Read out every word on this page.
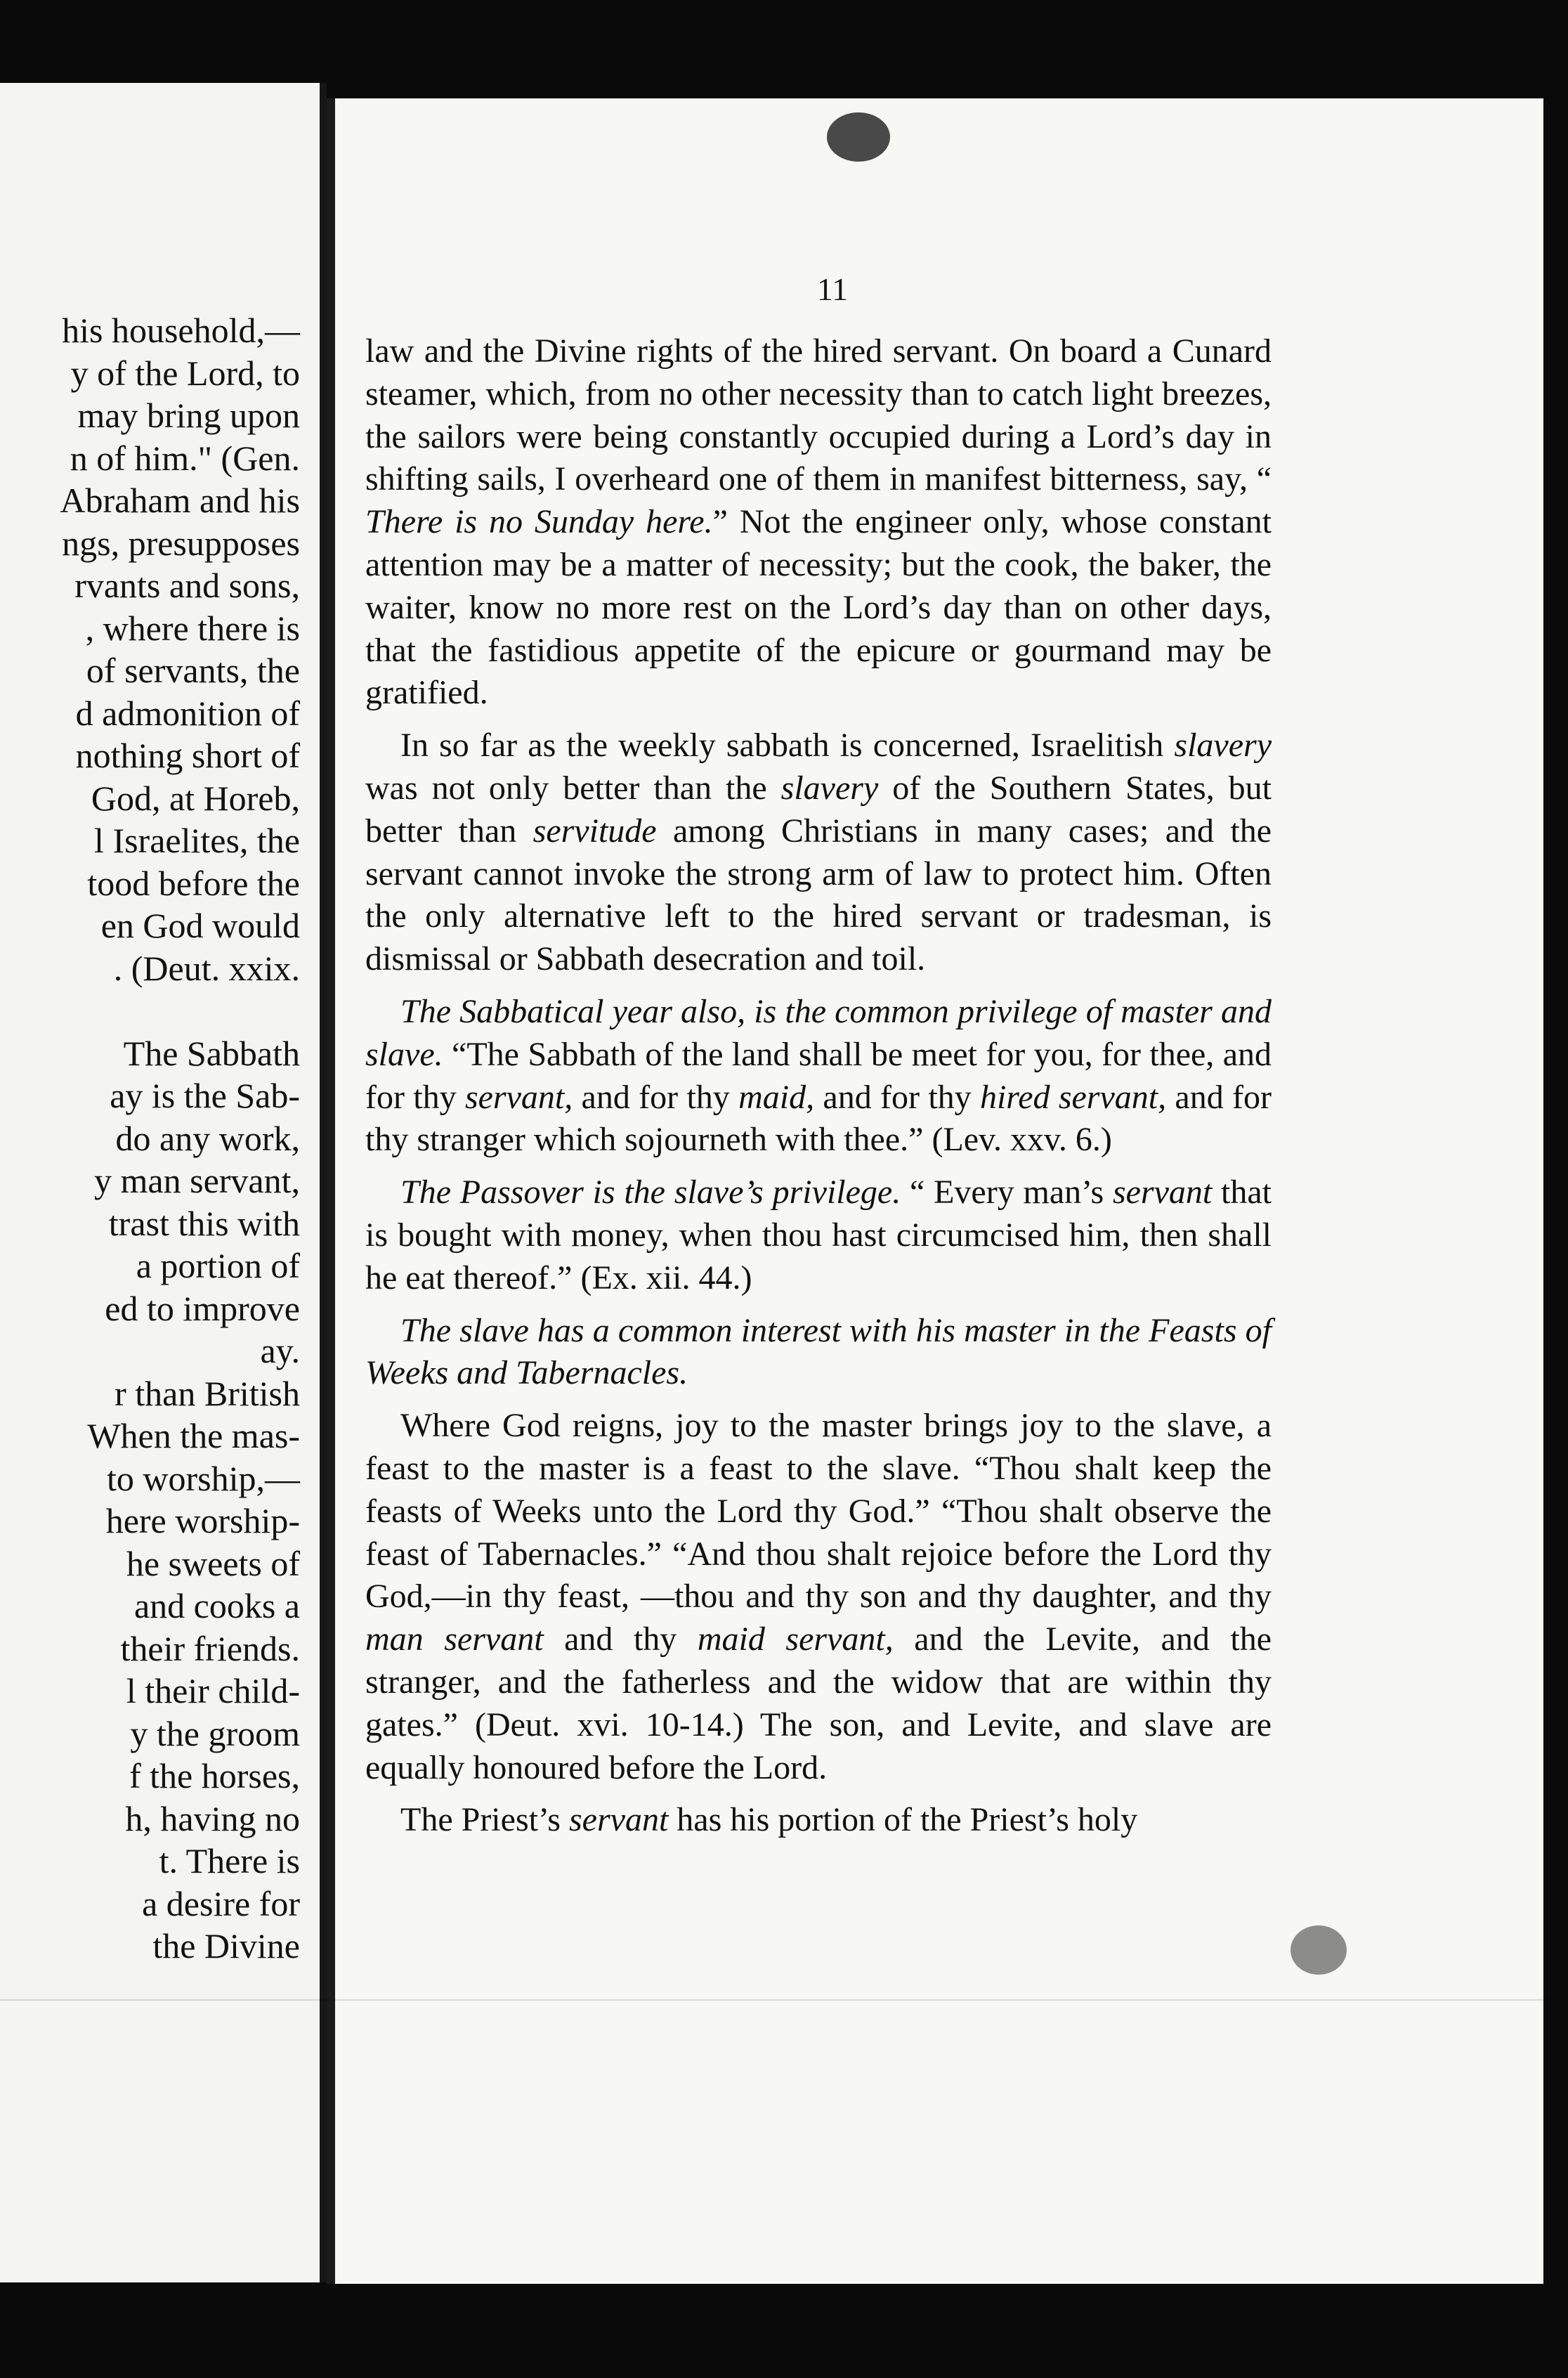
his household,—
y of the Lord, to
may bring upon
n of him." (Gen.
Abraham and his
ngs, presupposes
rvants and sons,
, where there is
of servants, the
d admonition of
nothing short of
God, at Horeb,
l Israelites, the
tood before the
en God would
. (Deut. xxix.

The Sabbath
ay is the Sab-
do any work,
y man servant,
trast this with
a portion of
ed to improve
ay.
r than British
When the mas-
to worship,—
here worship-
he sweets of
and cooks a
their friends.
l their child-
y the groom
f the horses,
h, having no
t. There is
a desire for
the Divine
11

law and the Divine rights of the hired servant. On board a Cunard steamer, which, from no other necessity than to catch light breezes, the sailors were being constantly occupied during a Lord’s day in shifting sails, I overheard one of them in manifest bitterness, say, “ There is no Sunday here.” Not the engineer only, whose constant attention may be a matter of necessity; but the cook, the baker, the waiter, know no more rest on the Lord’s day than on other days, that the fastidious appetite of the epicure or gourmand may be gratified.

In so far as the weekly sabbath is concerned, Israelitish slavery was not only better than the slavery of the Southern States, but better than servitude among Christians in many cases; and the servant cannot invoke the strong arm of law to protect him. Often the only alternative left to the hired servant or tradesman, is dismissal or Sabbath desecration and toil.

The Sabbatical year also, is the common privilege of master and slave. “The Sabbath of the land shall be meet for you, for thee, and for thy servant, and for thy maid, and for thy hired servant, and for thy stranger which sojourneth with thee.” (Lev. xxv. 6.)

The Passover is the slave’s privilege. “ Every man’s servant that is bought with money, when thou hast circumcised him, then shall he eat thereof.” (Ex. xii. 44.)

The slave has a common interest with his master in the Feasts of Weeks and Tabernacles.

Where God reigns, joy to the master brings joy to the slave, a feast to the master is a feast to the slave. “Thou shalt keep the feasts of Weeks unto the Lord thy God.” “Thou shalt observe the feast of Tabernacles.” “And thou shalt rejoice before the Lord thy God,—in thy feast, —thou and thy son and thy daughter, and thy man servant and thy maid servant, and the Levite, and the stranger, and the fatherless and the widow that are within thy gates.” (Deut. xvi. 10-14.) The son, and Levite, and slave are equally honoured before the Lord.

The Priest’s servant has his portion of the Priest’s holy
